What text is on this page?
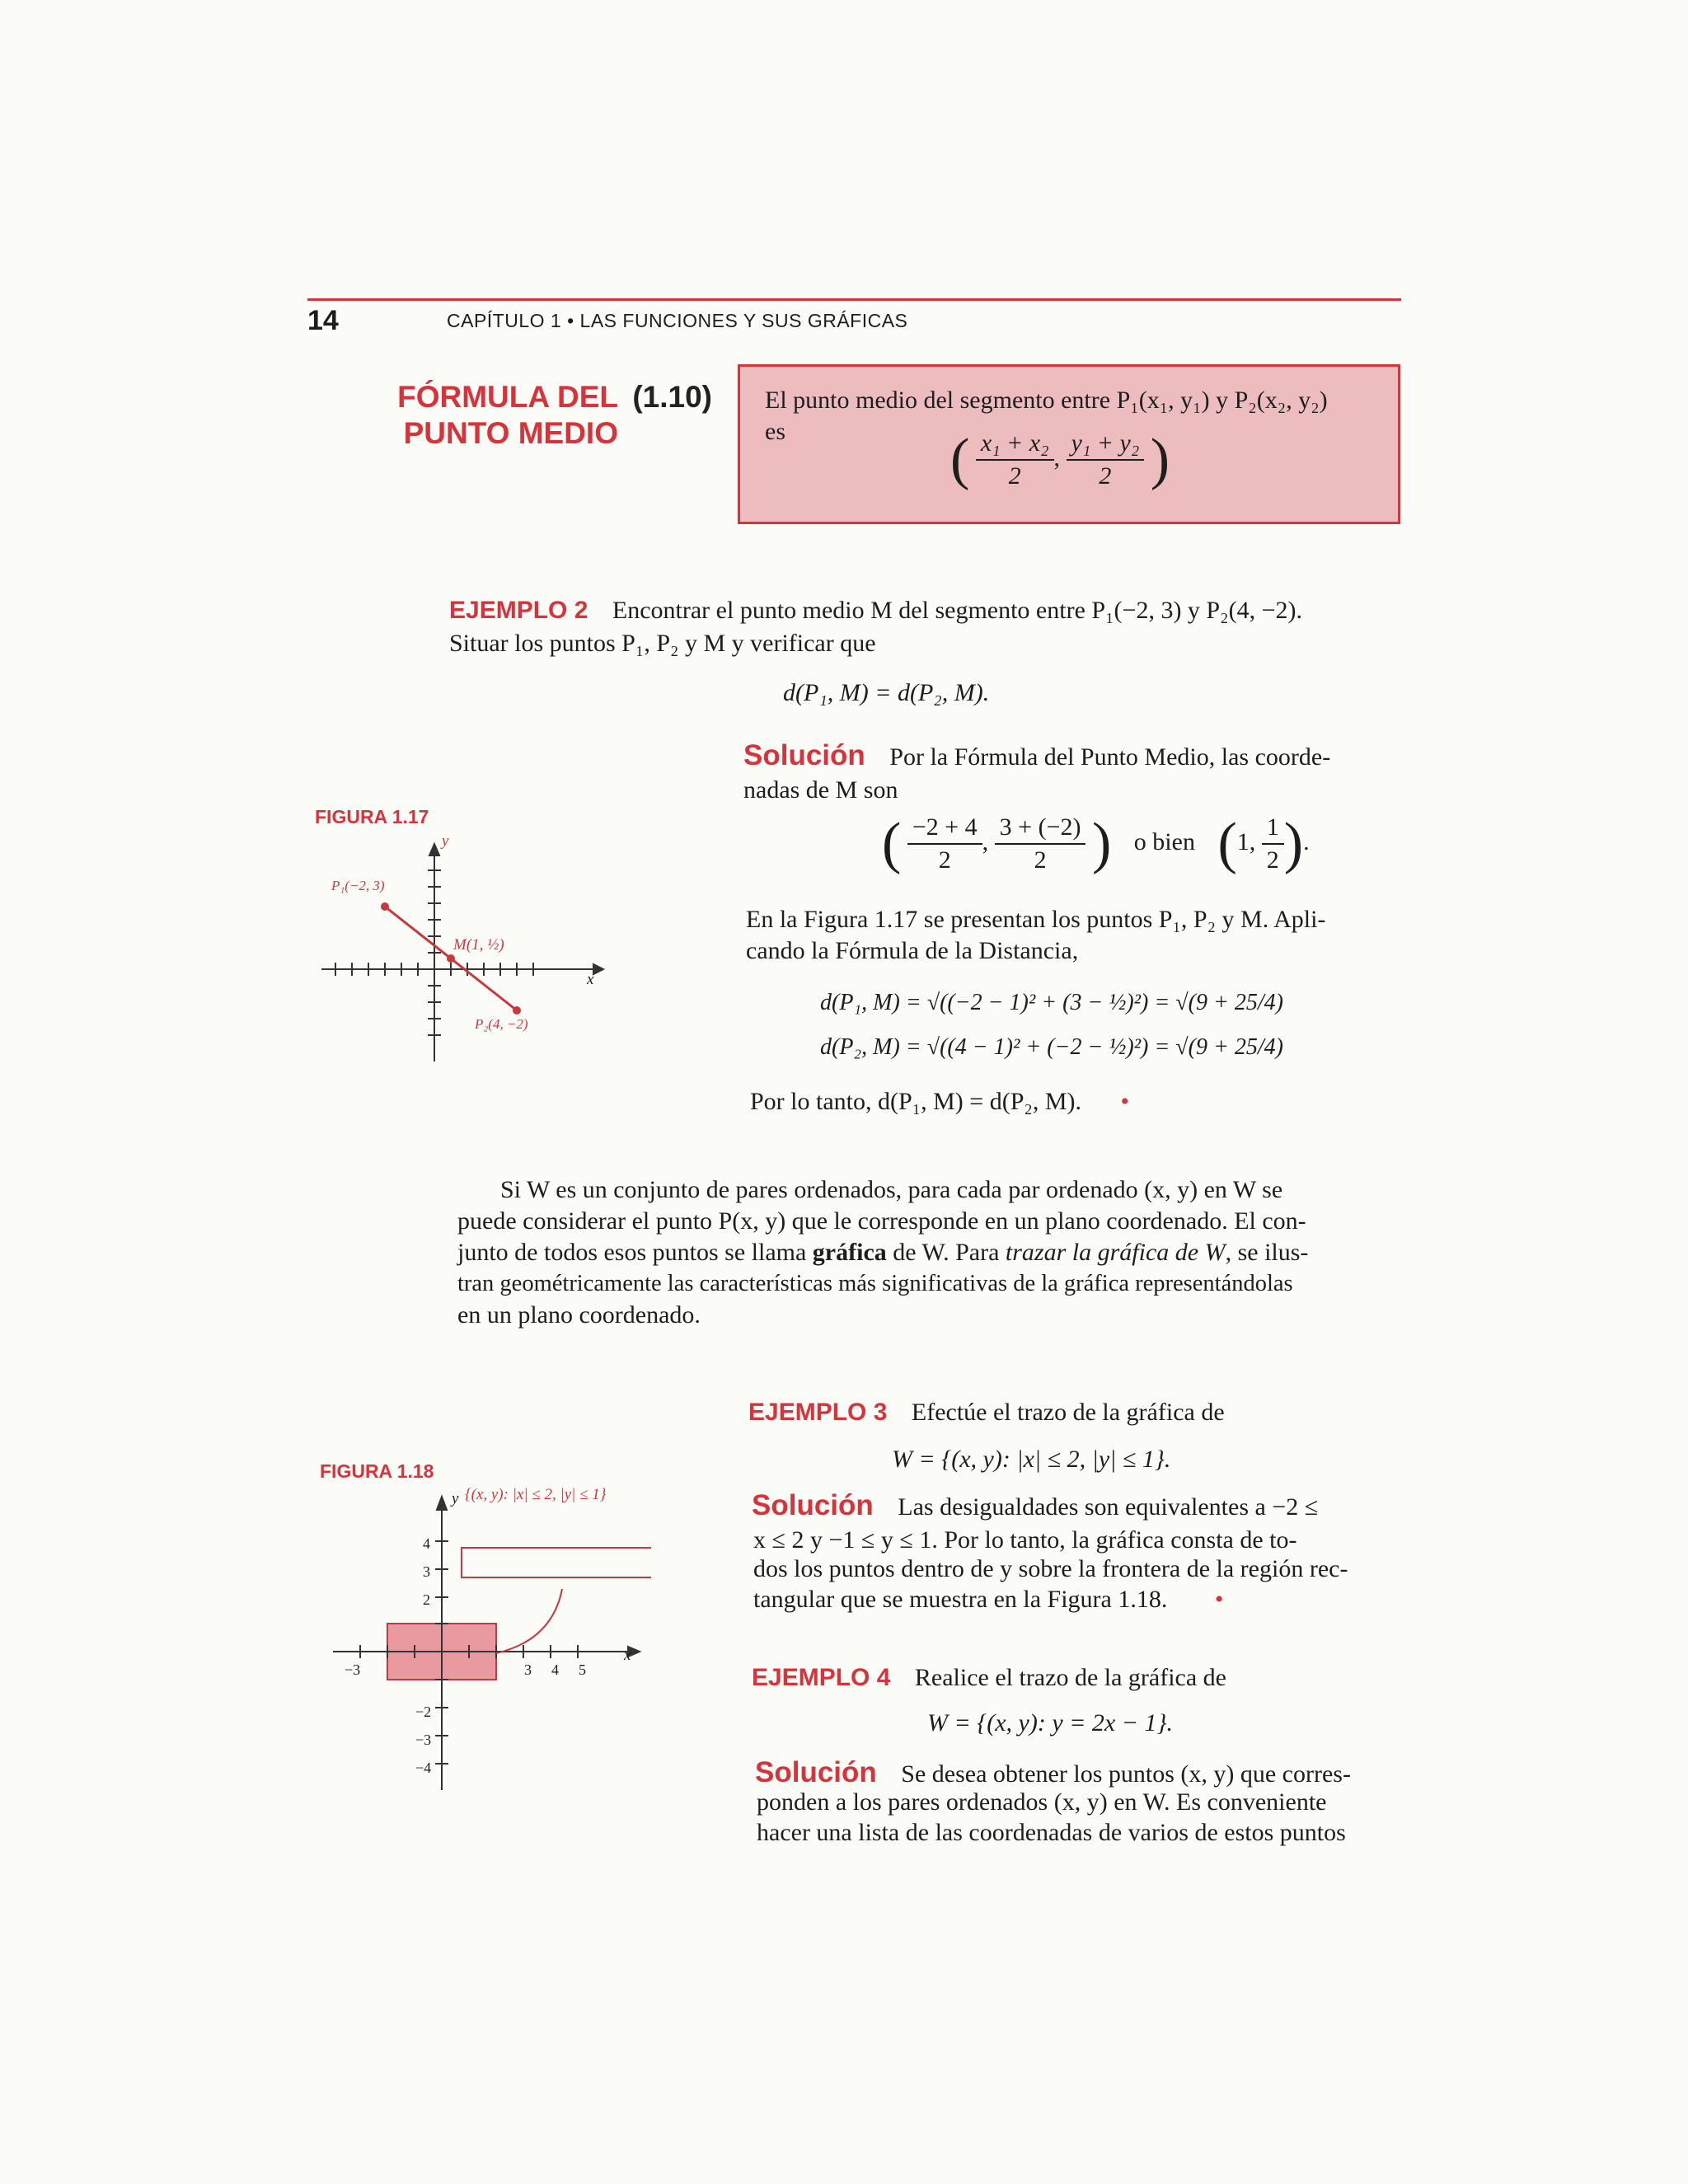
14	CAPÍTULO 1 • LAS FUNCIONES Y SUS GRÁFICAS
FÓRMULA DEL PUNTO MEDIO
(1.10) El punto medio del segmento entre P₁(x₁, y₁) y P₂(x₂, y₂)
es	( $\frac{\text{x₁ + x₂}}{2}$ , $\frac{\text{y₁ + y₂}}{2}$ )
EJEMPLO 2 Encontrar el punto medio M del segmento entre P₁(−2, 3) y P₂(4, −2).
Situar los puntos P₁, P₂ y M y verificar que
d(P₁, M) = d(P₂, M).
Solución Por la Fórmula del Punto Medio, las coorde-
nadas de M son
( $\frac{-2 + 4}{2}$ , $\frac{3 + (-2)}{2}$ ) o bien (1, $\frac{1}{2}$ ).
En la Figura 1.17 se presentan los puntos P₁, P₂ y M. Apli-
cando la Fórmula de la Distancia,
d(P₁, M) = √((−2 − 1)² + (3 − ½)²) = √(9 + 25/4)
d(P₂, M) = √((4 − 1)² + (−2 − ½)²) = √(9 + 25/4)
Por lo tanto, d(P₁, M) = d(P₂, M). •
FIGURA 1.17
y
x
P₁(−2, 3)
M(1, ½)
P₂(4, −2)
Si W es un conjunto de pares ordenados, para cada par ordenado (x, y) en W se
puede considerar el punto P(x, y) que le corresponde en un plano coordenado. El con-
junto de todos esos puntos se llama gráfica de W. Para trazar la gráfica de W, se ilus-
tran geométricamente las características más significativas de la gráfica representándolas
en un plano coordenado.
EJEMPLO 3 Efectúe el trazo de la gráfica de
W = {(x, y): |x| ≤ 2, |y| ≤ 1}.
Solución Las desigualdades son equivalentes a −2 ≤
x ≤ 2 y −1 ≤ y ≤ 1. Por lo tanto, la gráfica consta de to-
dos los puntos dentro de y sobre la frontera de la región rec-
tangular que se muestra en la Figura 1.18. •
FIGURA 1.18
{(x, y): |x| ≤ 2, |y| ≤ 1}
y
x
4
3
2
−2
−3
−4
−3	3 4 5	EJEMPLO 4 Realice el trazo de la gráfica de
W = {(x, y): y = 2x − 1}.
Solución Se desea obtener los puntos (x, y) que corres-
ponden a los pares ordenados (x, y) en W. Es conveniente
hacer una lista de las coordenadas de varios de estos puntos
